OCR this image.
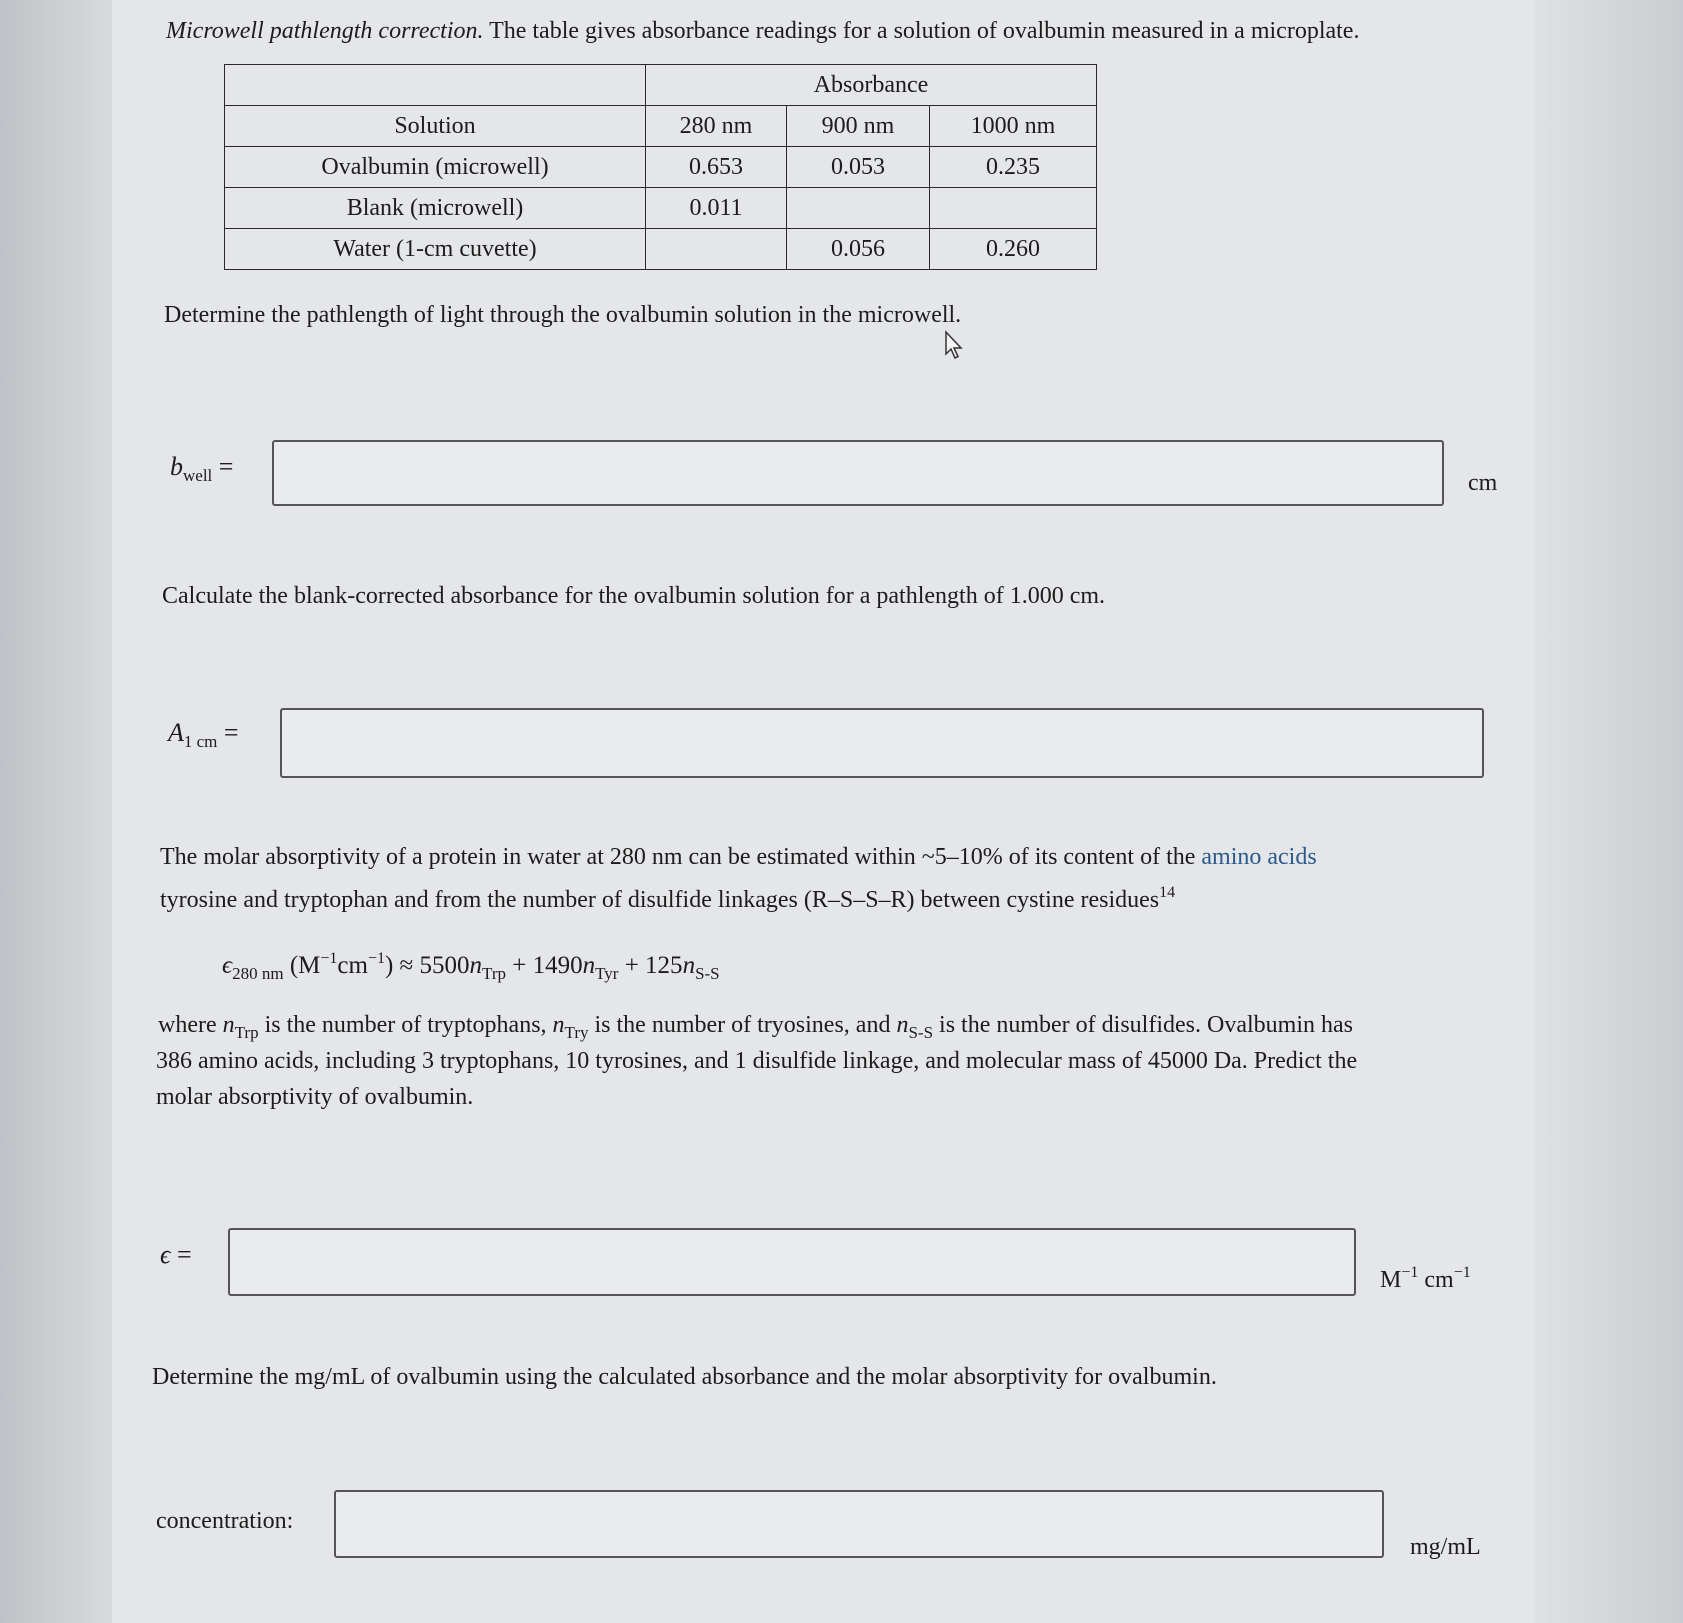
Microwell pathlength correction. The table gives absorbance readings for a solution of ovalbumin measured in a microplate.
	Absorbance		
Solution	280 nm	900 nm	1000 nm
Ovalbumin (microwell)	0.653	0.053	0.235
Blank (microwell)	0.011		
Water (1-cm cuvette)		0.056	0.260
Determine the pathlength of light through the ovalbumin solution in the microwell.
$b_{well}$ =
cm
Calculate the blank-corrected absorbance for the ovalbumin solution for a pathlength of 1.000 cm.
$A_{1 cm}$ =
The molar absorptivity of a protein in water at 280 nm can be estimated within ~5–10% of its content of the amino acids
tyrosine and tryptophan and from the number of disulfide linkages (R–S–S–R) between cystine residues$^{14}$
$\epsilon_{280 nm}$ $(M^{-1}cm^{-1}) \approx 5500n_{Trp} + 1490n_{Tyr} + 125n_{S-S}$
where $n_{Trp}$ is the number of tryptophans, $n_{Try}$ is the number of tryosines, and $n_{S-S}$ is the number of disulfides. Ovalbumin has
386 amino acids, including 3 tryptophans, 10 tyrosines, and 1 disulfide linkage, and molecular mass of 45000 Da. Predict the
molar absorptivity of ovalbumin.
ϵ =
$M^{-1}$ $cm^{-1}$
Determine the mg/mL of ovalbumin using the calculated absorbance and the molar absorptivity for ovalbumin.
concentration:
mg/mL
